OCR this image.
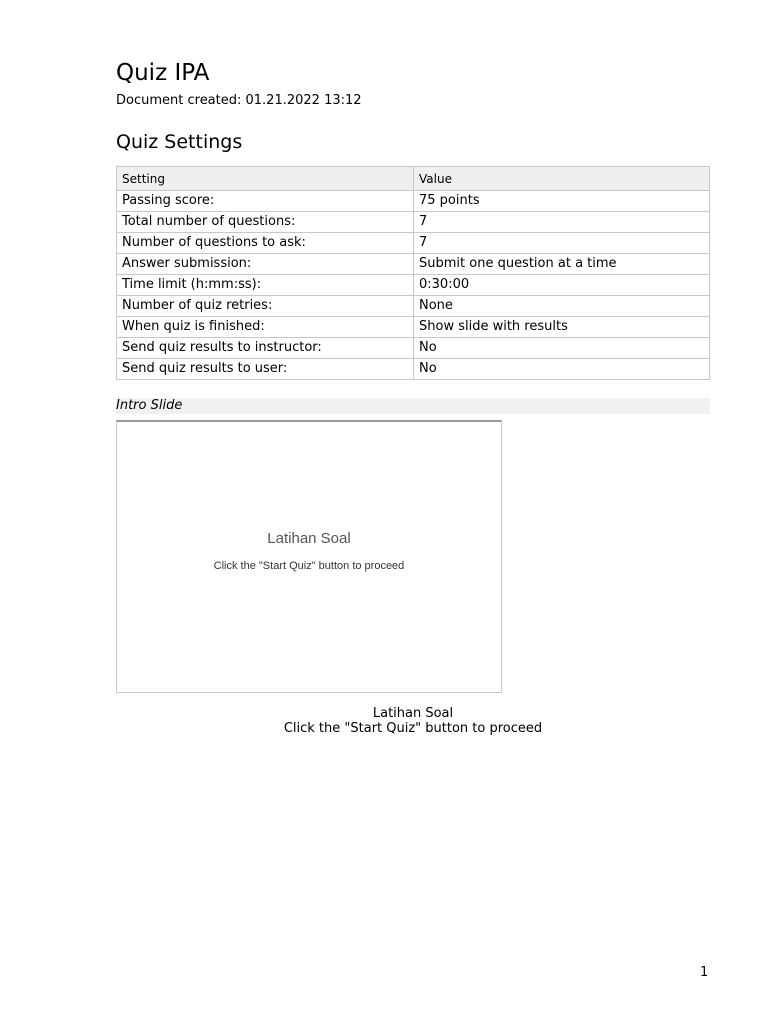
Quiz IPA
Document created: 01.21.2022 13:12
Quiz Settings
Setting	Value
Passing score:	75 points
Total number of questions:	7
Number of questions to ask:	7
Answer submission:	Submit one question at a time
Time limit (h:mm:ss):	0:30:00
Number of quiz retries:	None
When quiz is finished:	Show slide with results
Send quiz results to instructor:	No
Send quiz results to user:	No
Intro Slide
Latihan Soal
Click the "Start Quiz" button to proceed
Latihan Soal
Click the "Start Quiz" button to proceed
1
